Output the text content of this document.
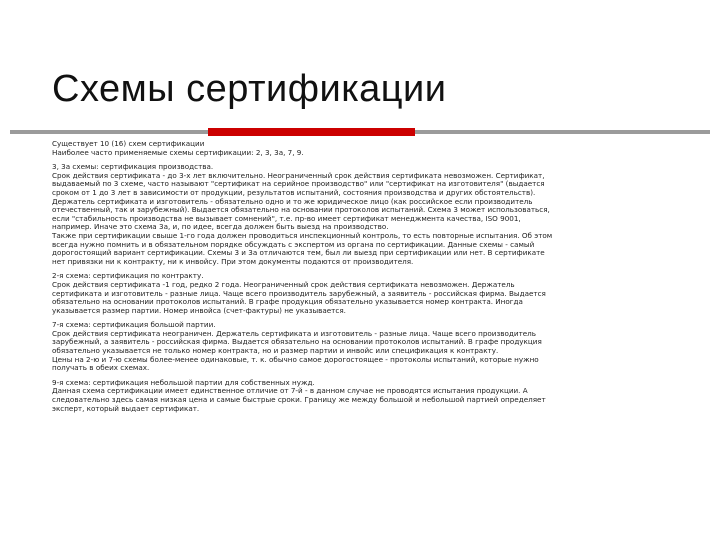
Схемы сертификации
Существует 10 (16) схем сертификации
Наиболее часто применяемые схемы сертификации: 2, 3, 3а, 7, 9.
3, 3а схемы: сертификация производства.
Срок действия сертификата - до 3-х лет включительно. Неограниченный срок действия сертификата невозможен. Сертификат,
выдаваемый по 3 схеме, часто называют "сертификат на серийное производство" или "сертификат на изготовителя" (выдается
сроком от 1 до 3 лет в зависимости от продукции, результатов испытаний, состояния производства и других обстоятельств).
Держатель сертификата и изготовитель - обязательно одно и то же юридическое лицо (как российское если производитель
отечественный, так и зарубежный). Выдается обязательно на основании протоколов испытаний. Схема 3 может использоваться,
если "стабильность производства не вызывает сомнений", т.е. пр-во имеет сертификат менеджмента качества, ISO 9001,
например. Иначе это схема 3а, и, по идее, всегда должен быть выезд на производство.
Также при сертификации свыше 1-го года должен проводиться инспекционный контроль, то есть повторные испытания. Об этом
всегда нужно помнить и в обязательном порядке обсуждать с экспертом из органа по сертификации. Данные схемы - самый
дорогостоящий вариант сертификации. Схемы 3 и 3а отличаются тем, был ли выезд при сертификации или нет. В сертификате
нет привязки ни к контракту, ни к инвойсу. При этом документы подаются от производителя.
2-я схема: сертификация по контракту.
Срок действия сертификата -1 год, редко 2 года. Неограниченный срок действия сертификата невозможен. Держатель
сертификата и изготовитель - разные лица. Чаще всего производитель зарубежный, а заявитель - российская фирма. Выдается
обязательно на основании протоколов испытаний. В графе продукция обязательно указывается номер контракта. Иногда
указывается размер партии. Номер инвойса (счет-фактуры) не указывается.
7-я схема: сертификация большой партии.
Срок действия сертификата неограничен. Держатель сертификата и изготовитель - разные лица. Чаще всего производитель
зарубежный, а заявитель - российская фирма. Выдается обязательно на основании протоколов испытаний. В графе продукция
обязательно указывается не только номер контракта, но и размер партии и инвойс или спецификация к контракту.
Цены на 2-ю и 7-ю схемы более-менее одинаковые, т. к. обычно самое дорогостоящее - протоколы испытаний, которые нужно
получать в обеих схемах.
9-я схема: сертификация небольшой партии для собственных нужд.
Данная схема сертификации имеет единственное отличие от 7-й - в данном случае не проводятся испытания продукции. А
следовательно здесь самая низкая цена и самые быстрые сроки. Границу же между большой и небольшой партией определяет
эксперт, который выдает сертификат.
